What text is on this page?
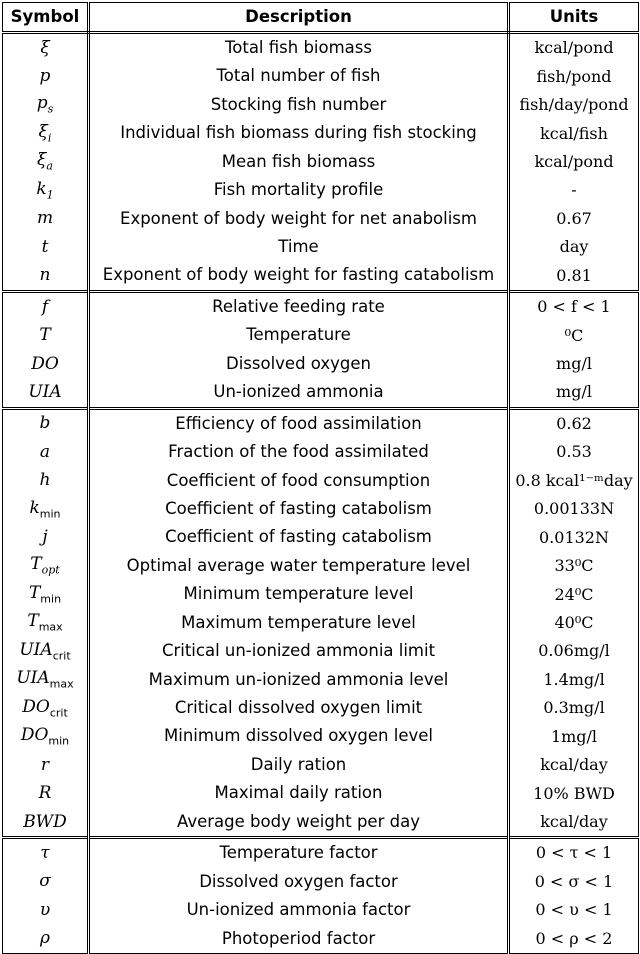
Symbol	Description	Units
ξ	Total fish biomass	kcal/pond
p	Total number of fish	fish/pond
$p_s$	Stocking fish number	fish/day/pond
$\xi_i$	Individual fish biomass during fish stocking	kcal/fish
$\xi_a$	Mean fish biomass	kcal/pond
$k_1$	Fish mortality profile	-
m	Exponent of body weight for net anabolism	0.67
t	Time	day
n	Exponent of body weight for fasting catabolism	0.81
f	Relative feeding rate	0 < f < 1
T	Temperature	⁰C
DO	Dissolved oxygen	mg/l
UIA	Un-ionized ammonia	mg/l
b	Efficiency of food assimilation	0.62
a	Fraction of the food assimilated	0.53
h	Coefficient of food consumption	0.8 kcal¹⁻ᵐday
$k_{min}$	Coefficient of fasting catabolism	0.00133N
j	Coefficient of fasting catabolism	0.0132N
$T_{opt}$	Optimal average water temperature level	33⁰C
$T_{min}$	Minimum temperature level	24⁰C
$T_{max}$	Maximum temperature level	40⁰C
$UIA_{crit}$	Critical un-ionized ammonia limit	0.06mg/l
$UIA_{max}$	Maximum un-ionized ammonia level	1.4mg/l
$DO_{crit}$	Critical dissolved oxygen limit	0.3mg/l
$DO_{min}$	Minimum dissolved oxygen level	1mg/l
r	Daily ration	kcal/day
R	Maximal daily ration	10% BWD
BWD	Average body weight per day	kcal/day
τ	Temperature factor	0 < τ < 1
σ	Dissolved oxygen factor	0 < σ < 1
υ	Un-ionized ammonia factor	0 < υ < 1
ρ	Photoperiod factor	0 < ρ < 2
